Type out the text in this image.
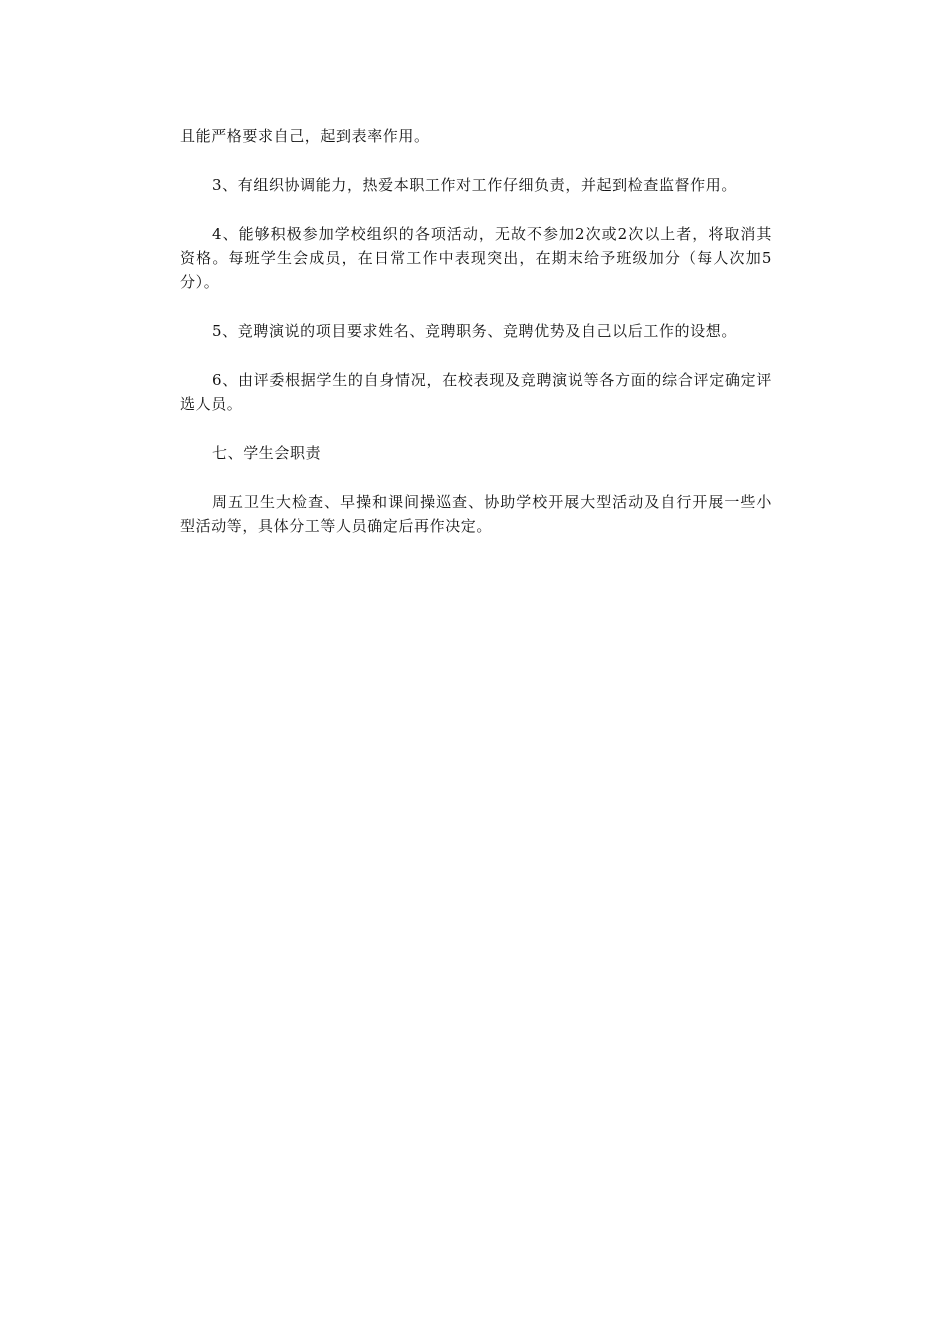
且能严格要求自己，起到表率作用。

3、有组织协调能力，热爱本职工作对工作仔细负责，并起到检查监督作用。

4、能够积极参加学校组织的各项活动，无故不参加2次或2次以上者，将取消其资格。每班学生会成员，在日常工作中表现突出，在期末给予班级加分（每人次加5分）。

5、竞聘演说的项目要求姓名、竞聘职务、竞聘优势及自己以后工作的设想。

6、由评委根据学生的自身情况，在校表现及竞聘演说等各方面的综合评定确定评选人员。

七、学生会职责

周五卫生大检查、早操和课间操巡查、协助学校开展大型活动及自行开展一些小型活动等，具体分工等人员确定后再作决定。
